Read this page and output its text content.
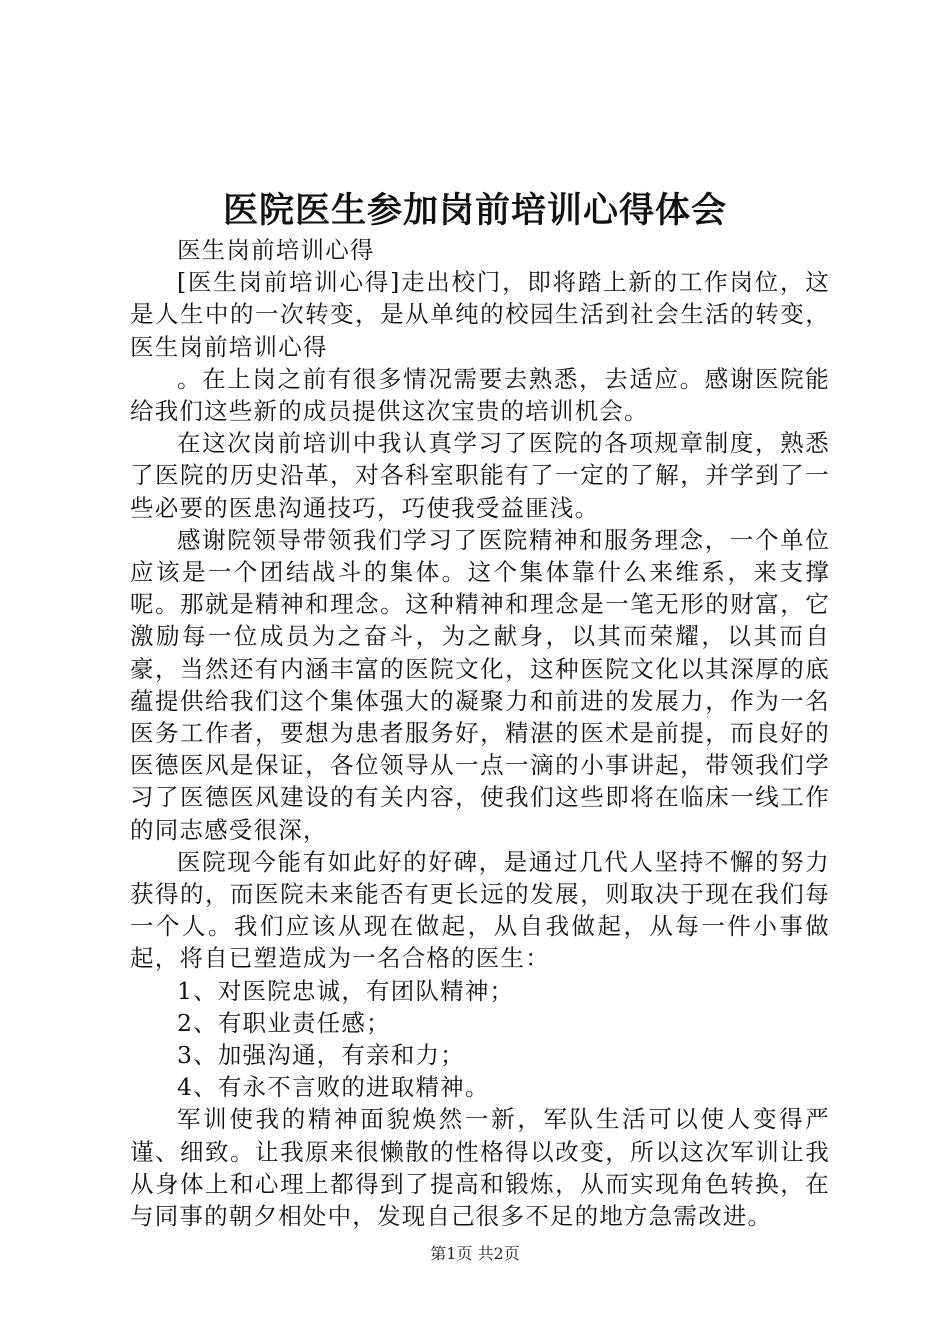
医院医生参加岗前培训心得体会

医生岗前培训心得

[医生岗前培训心得]走出校门，即将踏上新的工作岗位，这是人生中的一次转变，是从单纯的校园生活到社会生活的转变，医生岗前培训心得

。在上岗之前有很多情况需要去熟悉，去适应。感谢医院能给我们这些新的成员提供这次宝贵的培训机会。

在这次岗前培训中我认真学习了医院的各项规章制度，熟悉了医院的历史沿革，对各科室职能有了一定的了解，并学到了一些必要的医患沟通技巧，巧使我受益匪浅。

感谢院领导带领我们学习了医院精神和服务理念，一个单位应该是一个团结战斗的集体。这个集体靠什么来维系，来支撑呢。那就是精神和理念。这种精神和理念是一笔无形的财富，它激励每一位成员为之奋斗，为之献身，以其而荣耀，以其而自豪，当然还有内涵丰富的医院文化，这种医院文化以其深厚的底蕴提供给我们这个集体强大的凝聚力和前进的发展力，作为一名医务工作者，要想为患者服务好，精湛的医术是前提，而良好的医德医风是保证，各位领导从一点一滴的小事讲起，带领我们学习了医德医风建设的有关内容，使我们这些即将在临床一线工作的同志感受很深，

医院现今能有如此好的好碑，是通过几代人坚持不懈的努力获得的，而医院未来能否有更长远的发展，则取决于现在我们每一个人。我们应该从现在做起，从自我做起，从每一件小事做起，将自已塑造成为一名合格的医生：

1、对医院忠诚，有团队精神；

2、有职业责任感；

3、加强沟通，有亲和力；

4、有永不言败的进取精神。

军训使我的精神面貌焕然一新，军队生活可以使人变得严谨、细致。让我原来很懒散的性格得以改变，所以这次军训让我从身体上和心理上都得到了提高和锻炼，从而实现角色转换，在与同事的朝夕相处中，发现自己很多不足的地方急需改进。

第1页 共2页
